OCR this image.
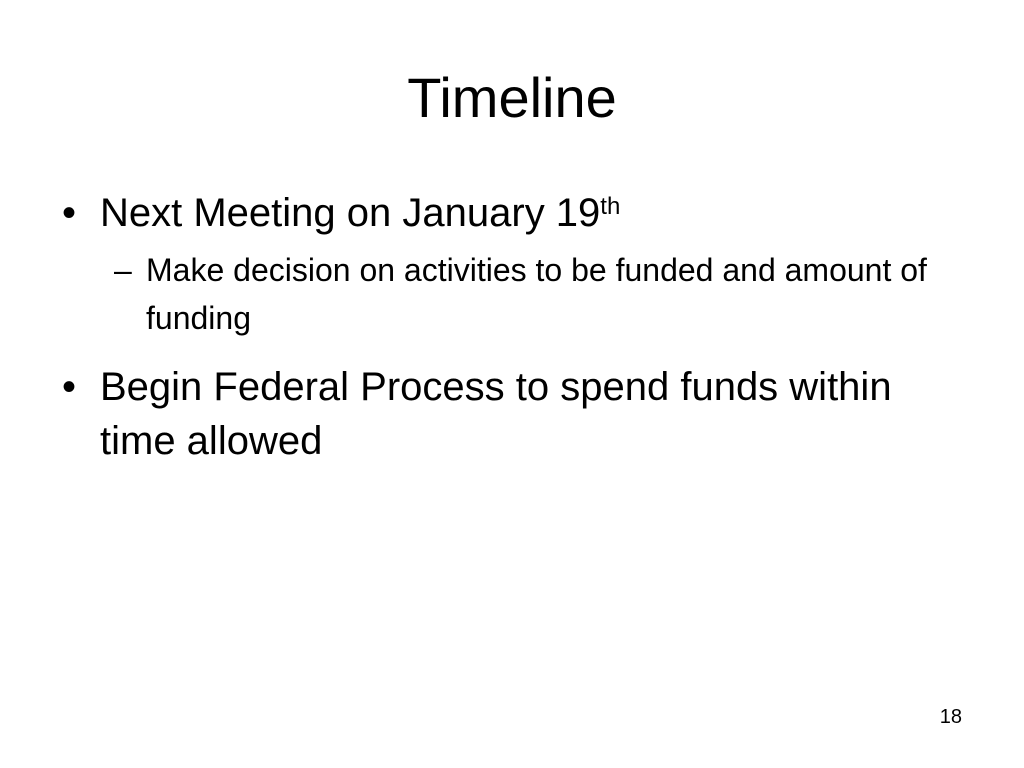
Timeline
• Next Meeting on January 19th
– Make decision on activities to be funded and amount of funding
• Begin Federal Process to spend funds within time allowed
18
